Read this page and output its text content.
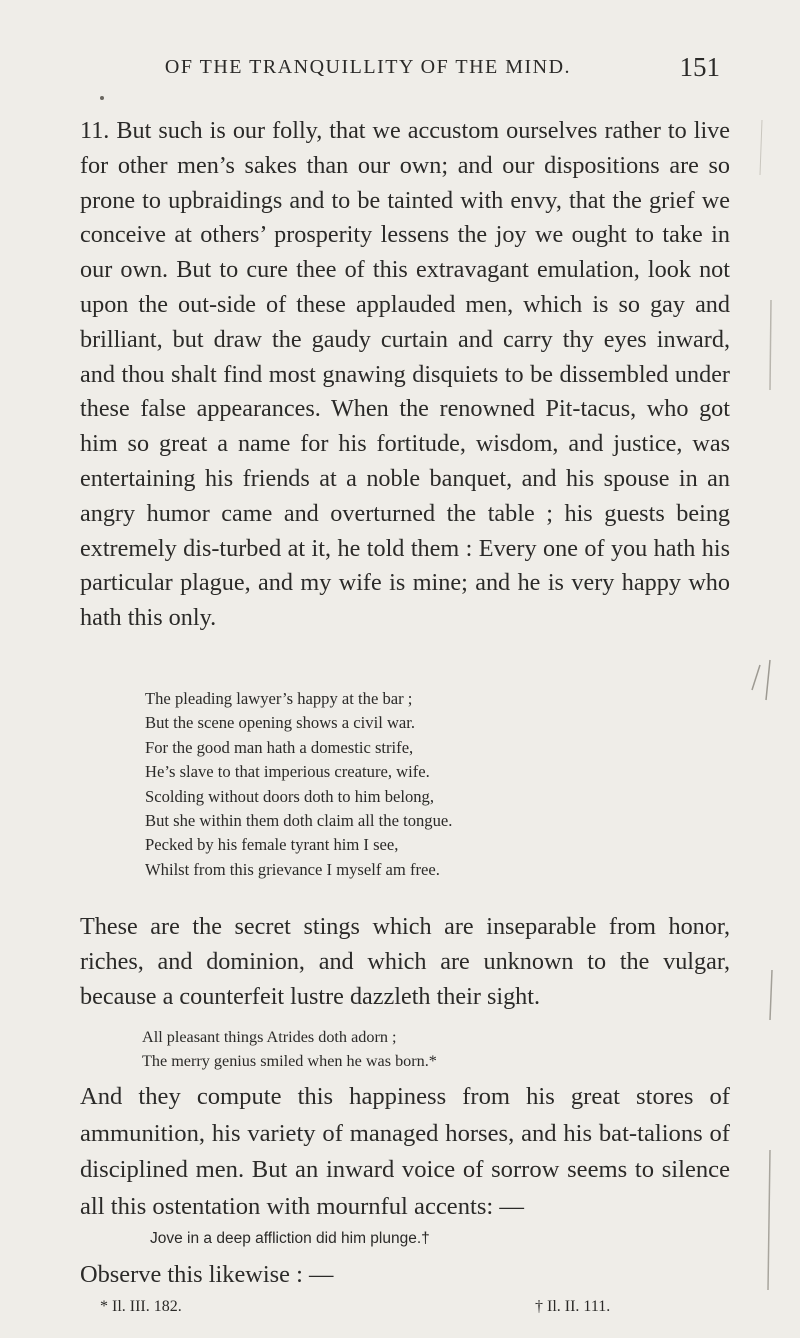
OF THE TRANQUILLITY OF THE MIND.	151

11. But such is our folly, that we accustom ourselves rather to live for other men’s sakes than our own; and our dispositions are so prone to upbraidings and to be tainted with envy, that the grief we conceive at others’ prosperity lessens the joy we ought to take in our own. But to cure thee of this extravagant emulation, look not upon the out-side of these applauded men, which is so gay and brilliant, but draw the gaudy curtain and carry thy eyes inward, and thou shalt find most gnawing disquiets to be dissembled under these false appearances. When the renowned Pit-tacus, who got him so great a name for his fortitude, wisdom, and justice, was entertaining his friends at a noble banquet, and his spouse in an angry humor came and overturned the table ; his guests being extremely dis-turbed at it, he told them : Every one of you hath his particular plague, and my wife is mine; and he is very happy who hath this only.

The pleading lawyer’s happy at the bar ;
But the scene opening shows a civil war.
For the good man hath a domestic strife,
He’s slave to that imperious creature, wife.
Scolding without doors doth to him belong,
But she within them doth claim all the tongue.
Pecked by his female tyrant him I see,
Whilst from this grievance I myself am free.

These are the secret stings which are inseparable from honor, riches, and dominion, and which are unknown to the vulgar, because a counterfeit lustre dazzleth their sight.

All pleasant things Atrides doth adorn ;
The merry genius smiled when he was born.*

And they compute this happiness from his great stores of ammunition, his variety of managed horses, and his bat-talions of disciplined men. But an inward voice of sorrow seems to silence all this ostentation with mournful accents: —

Jove in a deep affliction did him plunge.†
Observe this likewise : —
* Il. III. 182.	† Il. II. 111.
